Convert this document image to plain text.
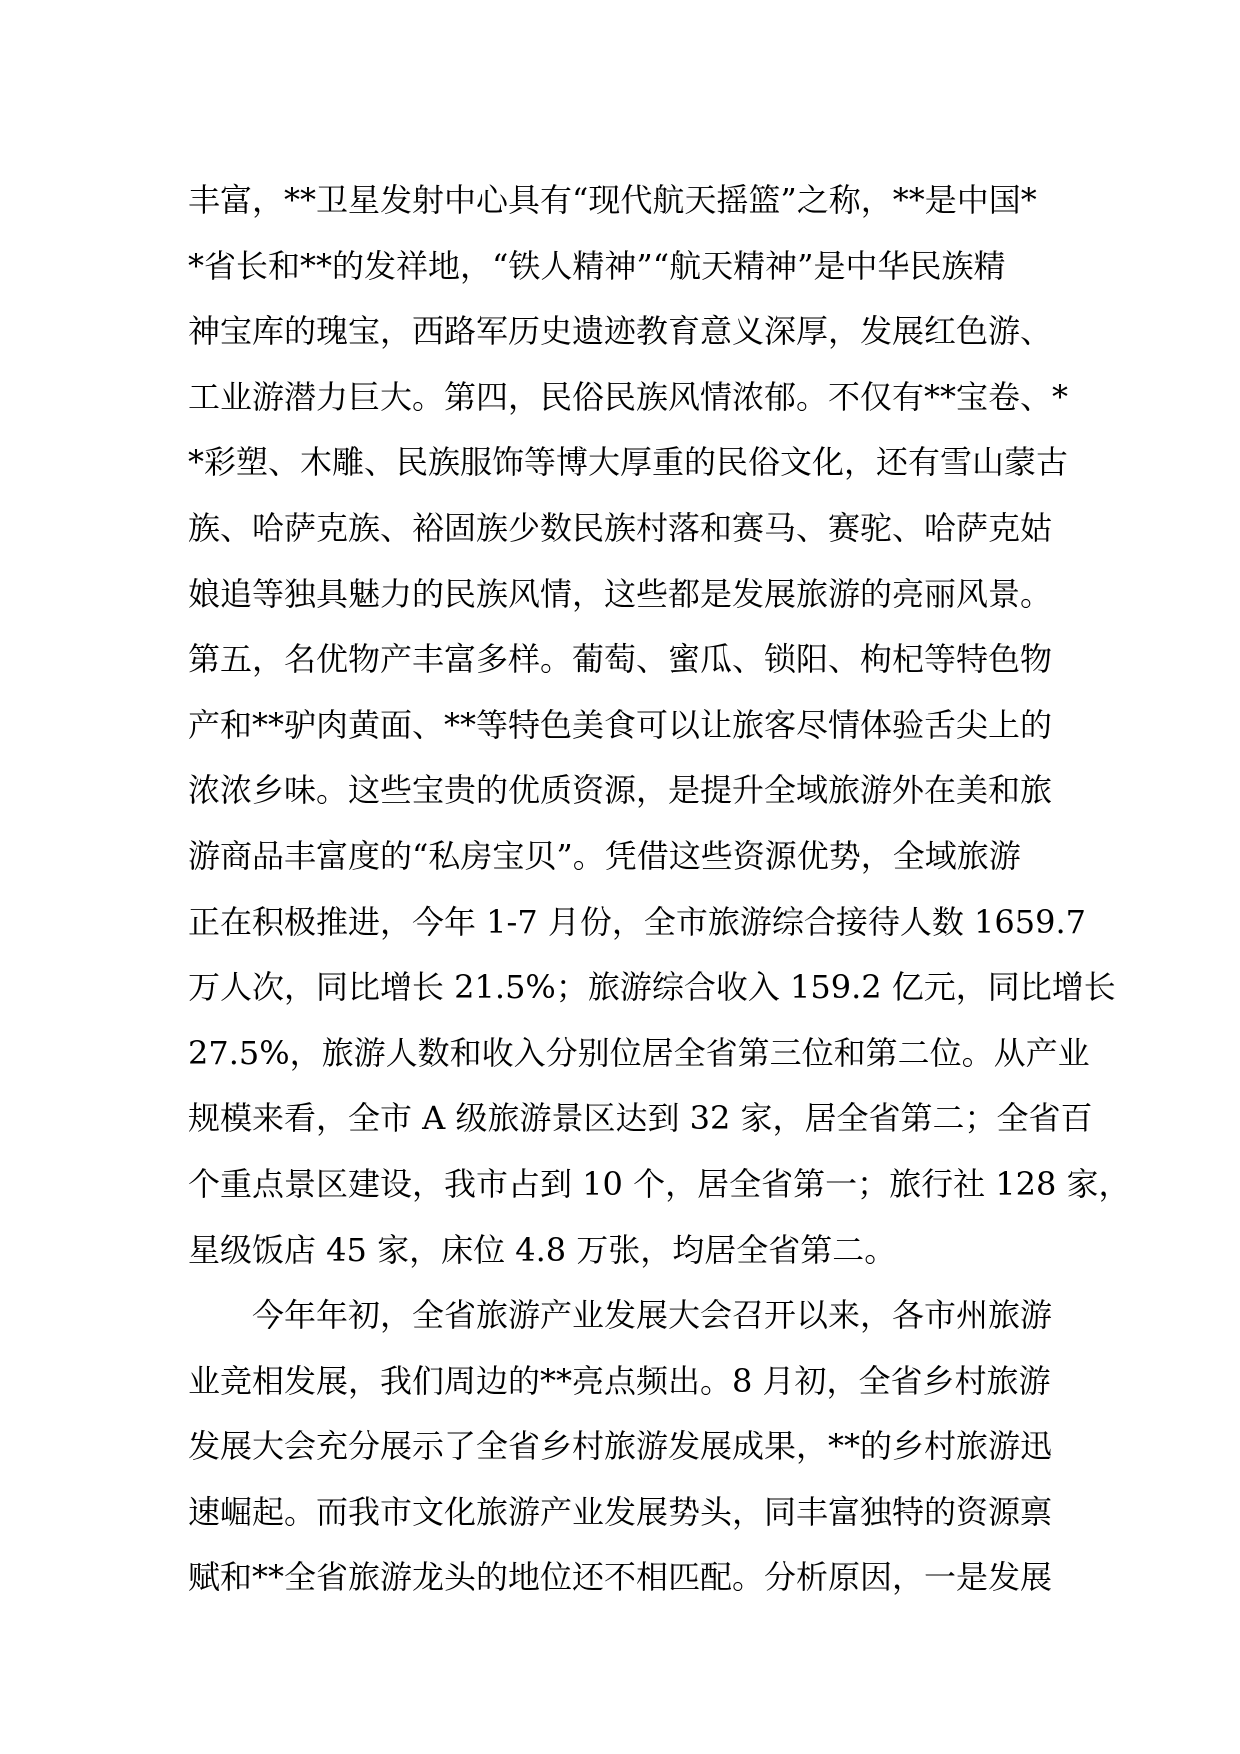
丰富，**卫星发射中心具有“现代航天摇篮”之称，**是中国*
*省长和**的发祥地，“铁人精神”“航天精神”是中华民族精
神宝库的瑰宝，西路军历史遗迹教育意义深厚，发展红色游、
工业游潜力巨大。第四，民俗民族风情浓郁。不仅有**宝卷、*
*彩塑、木雕、民族服饰等博大厚重的民俗文化，还有雪山蒙古
族、哈萨克族、裕固族少数民族村落和赛马、赛驼、哈萨克姑
娘追等独具魅力的民族风情，这些都是发展旅游的亮丽风景。
第五，名优物产丰富多样。葡萄、蜜瓜、锁阳、枸杞等特色物
产和**驴肉黄面、**等特色美食可以让旅客尽情体验舌尖上的
浓浓乡味。这些宝贵的优质资源，是提升全域旅游外在美和旅
游商品丰富度的“私房宝贝”。凭借这些资源优势，全域旅游
正在积极推进，今年 1-7 月份，全市旅游综合接待人数 1659.7
万人次，同比增长 21.5%；旅游综合收入 159.2 亿元，同比增长
27.5%，旅游人数和收入分别位居全省第三位和第二位。从产业
规模来看，全市 A 级旅游景区达到 32 家，居全省第二；全省百
个重点景区建设，我市占到 10 个，居全省第一；旅行社 128 家，
星级饭店 45 家，床位 4.8 万张，均居全省第二。
今年年初，全省旅游产业发展大会召开以来，各市州旅游
业竞相发展，我们周边的**亮点频出。8 月初，全省乡村旅游
发展大会充分展示了全省乡村旅游发展成果，**的乡村旅游迅
速崛起。而我市文化旅游产业发展势头，同丰富独特的资源禀
赋和**全省旅游龙头的地位还不相匹配。分析原因，一是发展
